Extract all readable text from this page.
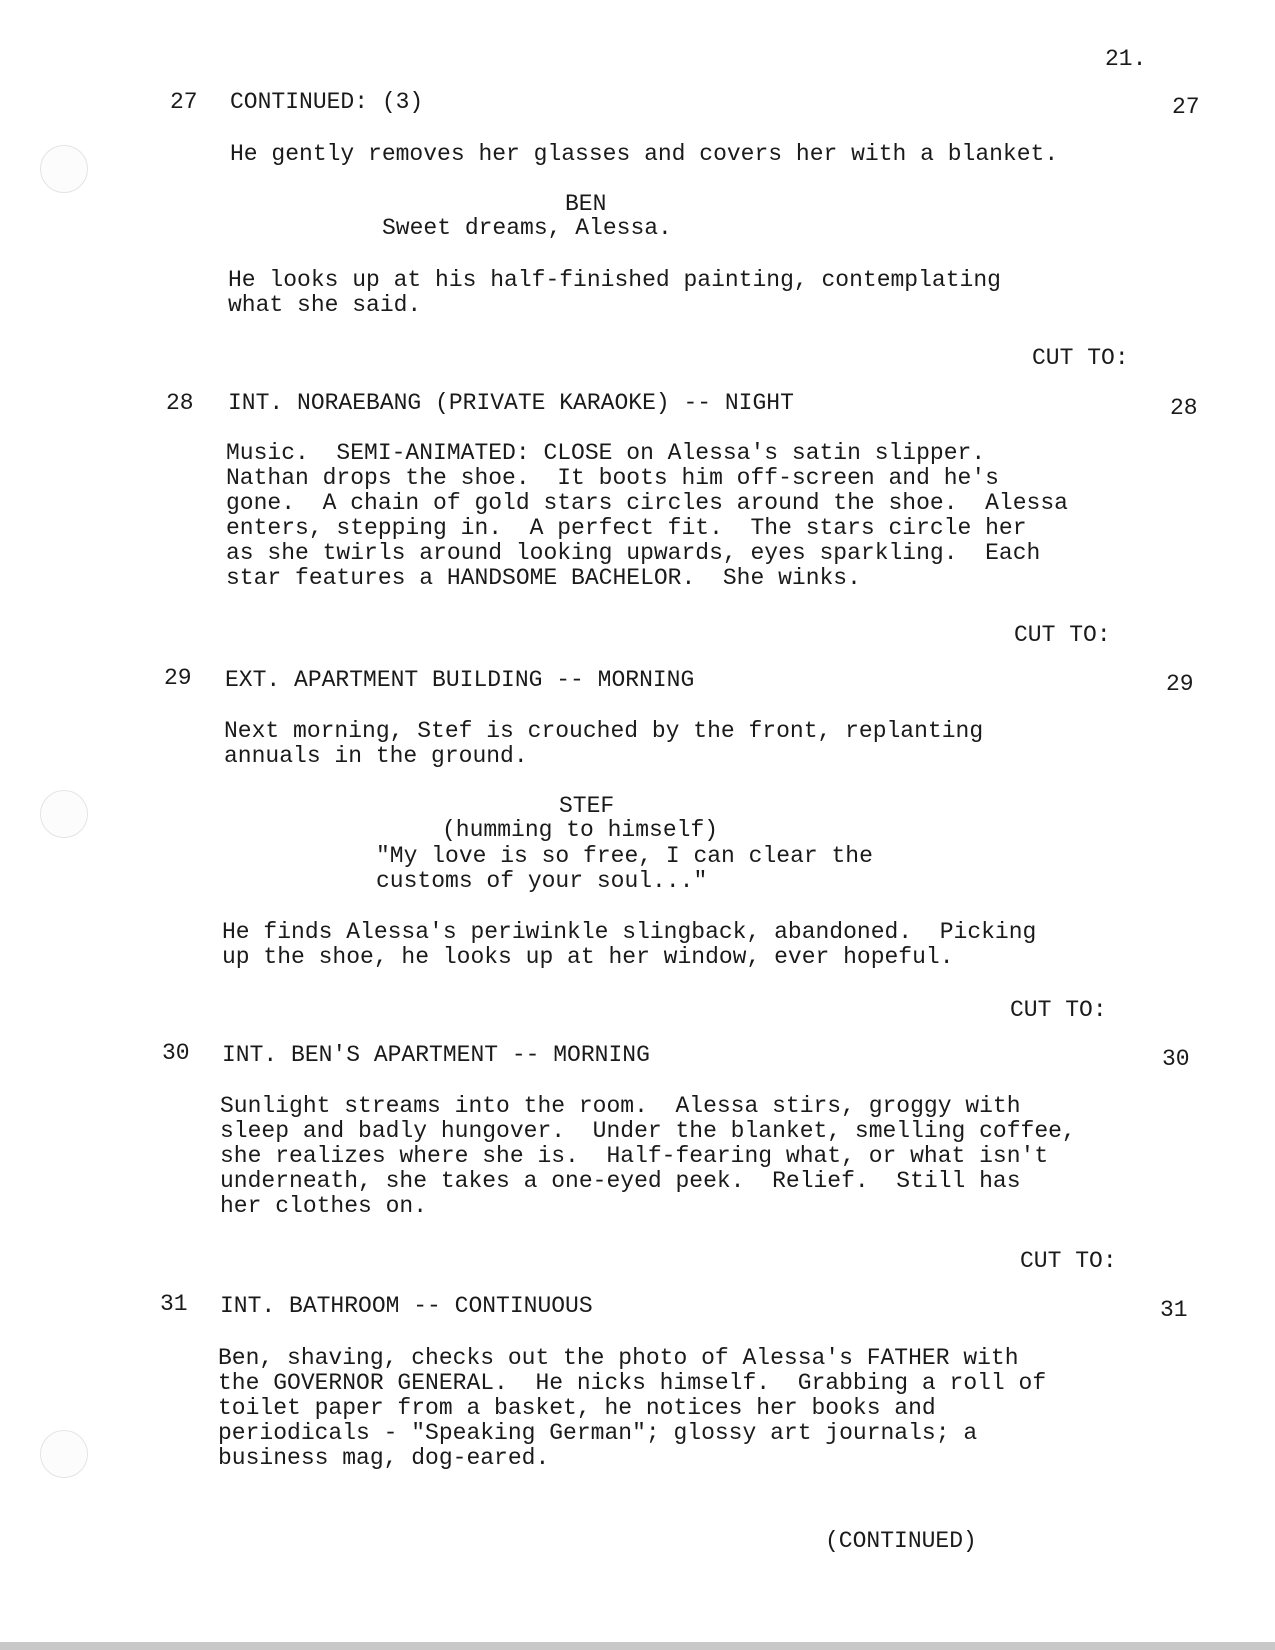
21.

27 CONTINUED: (3)	27

He gently removes her glasses and covers her with a blanket.

BEN

Sweet dreams, Alessa.

He looks up at his half-finished painting, contemplating
what she said.

CUT TO:

28 INT. NORAEBANG (PRIVATE KARAOKE) -- NIGHT	28

Music.  SEMI-ANIMATED: CLOSE on Alessa's satin slipper.
Nathan drops the shoe.  It boots him off-screen and he's
gone.  A chain of gold stars circles around the shoe.  Alessa
enters, stepping in.  A perfect fit.  The stars circle her
as she twirls around looking upwards, eyes sparkling.  Each
star features a HANDSOME BACHELOR.  She winks.

CUT TO:

29 EXT. APARTMENT BUILDING -- MORNING	29

Next morning, Stef is crouched by the front, replanting
annuals in the ground.

STEF

(humming to himself)

"My love is so free, I can clear the
customs of your soul..."

He finds Alessa's periwinkle slingback, abandoned.  Picking
up the shoe, he looks up at her window, ever hopeful.

CUT TO:

30 INT. BEN'S APARTMENT -- MORNING	30

Sunlight streams into the room.  Alessa stirs, groggy with
sleep and badly hungover.  Under the blanket, smelling coffee,
she realizes where she is.  Half-fearing what, or what isn't
underneath, she takes a one-eyed peek.  Relief.  Still has
her clothes on.

CUT TO:

31 INT. BATHROOM -- CONTINUOUS	31

Ben, shaving, checks out the photo of Alessa's FATHER with
the GOVERNOR GENERAL.  He nicks himself.  Grabbing a roll of
toilet paper from a basket, he notices her books and
periodicals - "Speaking German"; glossy art journals; a
business mag, dog-eared.

(CONTINUED)
